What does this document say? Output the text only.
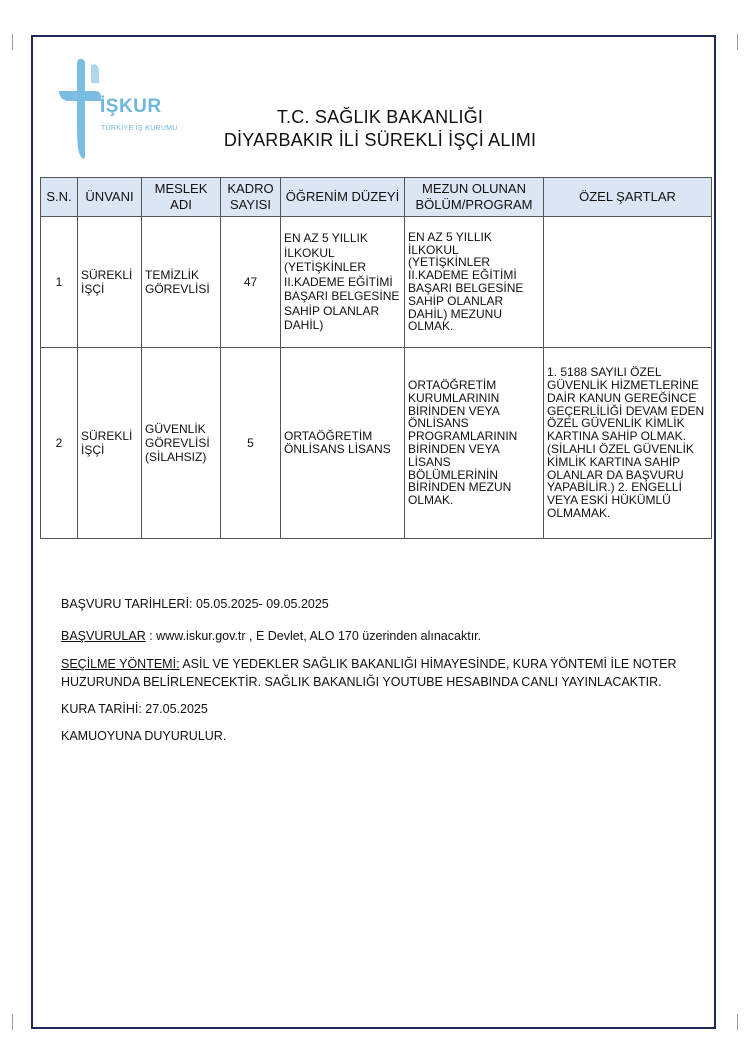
İŞKUR
TÜRKİYE İŞ KURUMU
T.C. SAĞLIK BAKANLIĞI
DİYARBAKIR İLİ SÜREKLİ İŞÇİ ALIMI
S.N.	ÜNVANI	MESLEK ADI	KADRO SAYISI	ÖĞRENİM DÜZEYİ	MEZUN OLUNAN BÖLÜM/PROGRAM	ÖZEL ŞARTLAR
1	SÜREKLİ İŞÇİ	TEMİZLİK GÖREVLİSİ	47	EN AZ 5 YILLIK İLKOKUL (YETİŞKİNLER II.KADEME EĞİTİMİ BAŞARI BELGESİNE SAHİP OLANLAR DAHİL)	EN AZ 5 YILLIK İLKOKUL (YETİŞKİNLER II.KADEME EĞİTİMİ BAŞARI BELGESİNE SAHİP OLANLAR DAHİL) MEZUNU OLMAK.	
2	SÜREKLİ İŞÇİ	GÜVENLİK GÖREVLİSİ (SİLAHSIZ)	5	ORTAÖĞRETİM ÖNLİSANS LİSANS	ORTAÖĞRETİM KURUMLARININ BİRİNDEN VEYA ÖNLİSANS PROGRAMLARININ BİRİNDEN VEYA LİSANS BÖLÜMLERİNİN BİRİNDEN MEZUN OLMAK.	1. 5188 SAYILI ÖZEL GÜVENLİK HİZMETLERİNE DAİR KANUN GEREĞİNCE GEÇERLİLİĞİ DEVAM EDEN ÖZEL GÜVENLİK KİMLİK KARTINA SAHİP OLMAK. (SİLAHLI ÖZEL GÜVENLİK KİMLİK KARTINA SAHİP OLANLAR DA BAŞVURU YAPABİLİR.) 2. ENGELLİ VEYA ESKİ HÜKÜMLÜ OLMAMAK.
BAŞVURU TARİHLERİ: 05.05.2025- 09.05.2025
BAŞVURULAR : www.iskur.gov.tr , E Devlet, ALO 170 üzerinden alınacaktır.
SEÇİLME YÖNTEMİ: ASİL VE YEDEKLER SAĞLIK BAKANLIĞI HİMAYESİNDE, KURA YÖNTEMİ İLE NOTER HUZURUNDA BELİRLENECEKTİR. SAĞLIK BAKANLIĞI YOUTUBE HESABINDA CANLI YAYINLACAKTIR.
KURA TARİHİ: 27.05.2025
KAMUOYUNA DUYURULUR.
